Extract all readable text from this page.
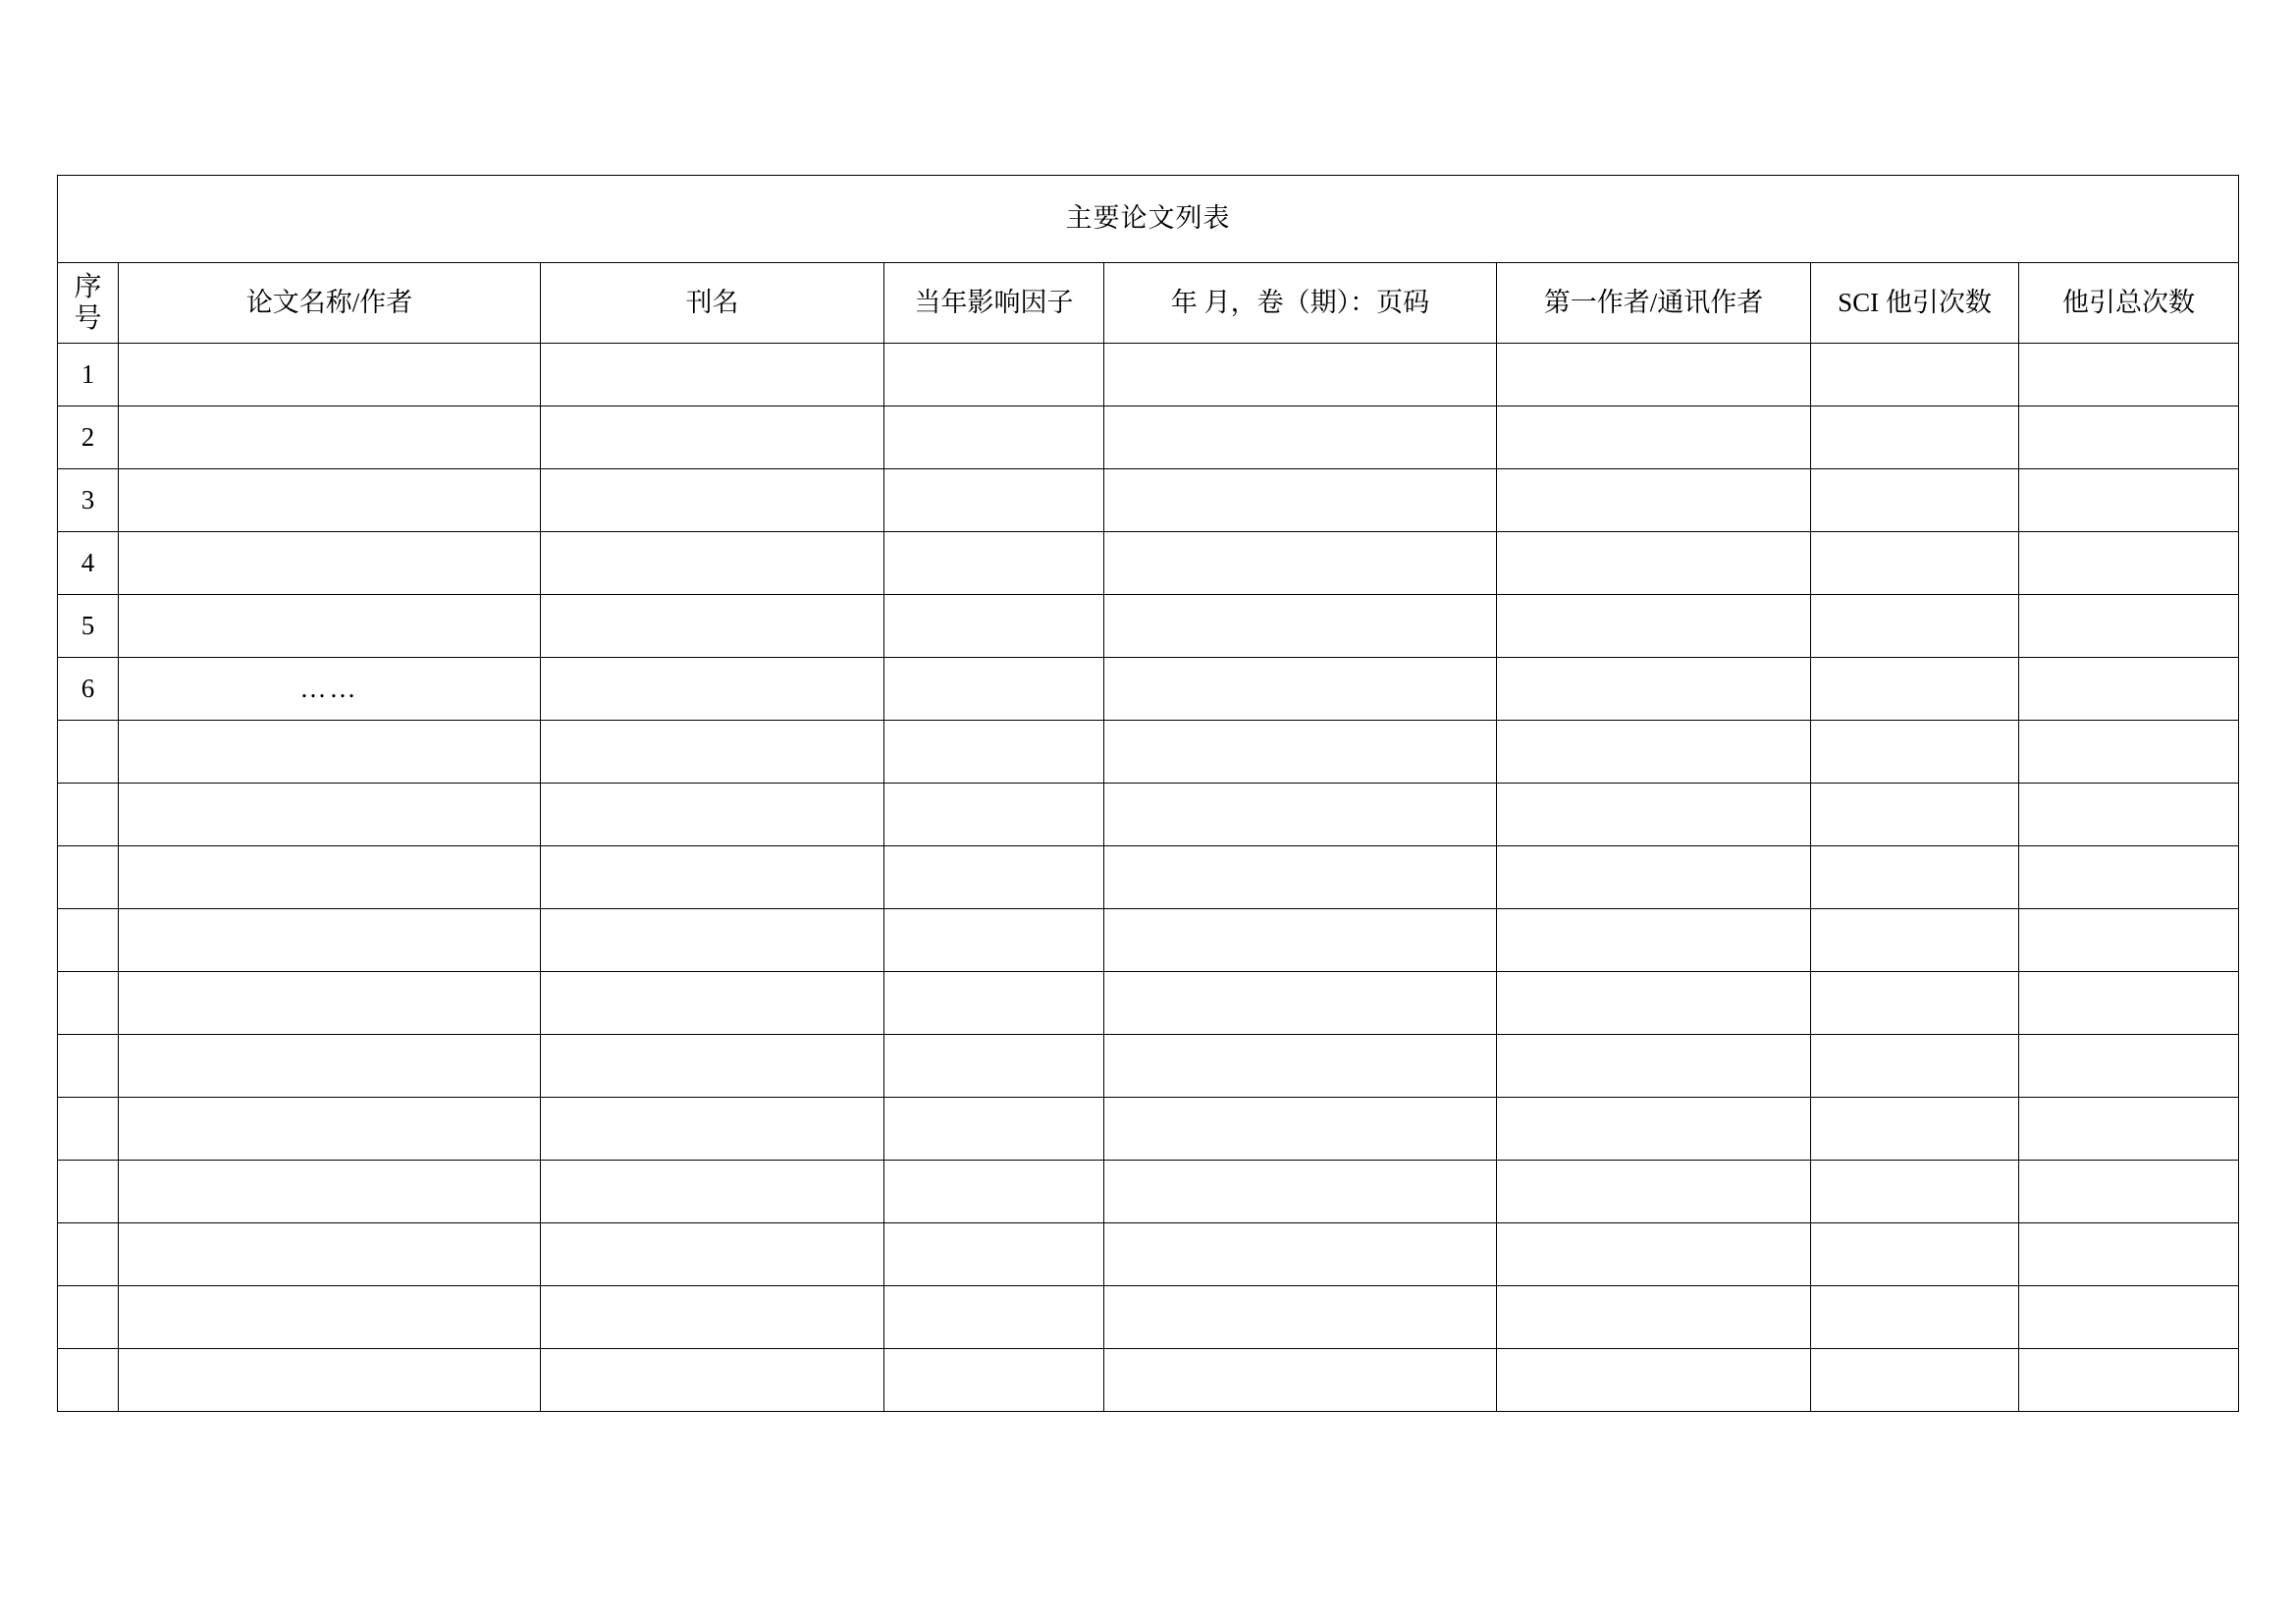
主要论文列表							

序
号	论文名称/作者	刊名	当年影响因子	年 月，卷（期）：页码	第一作者/通讯作者	SCI 他引次数	他引总次数
1							
2							
3							
4							
5							
6	……						
